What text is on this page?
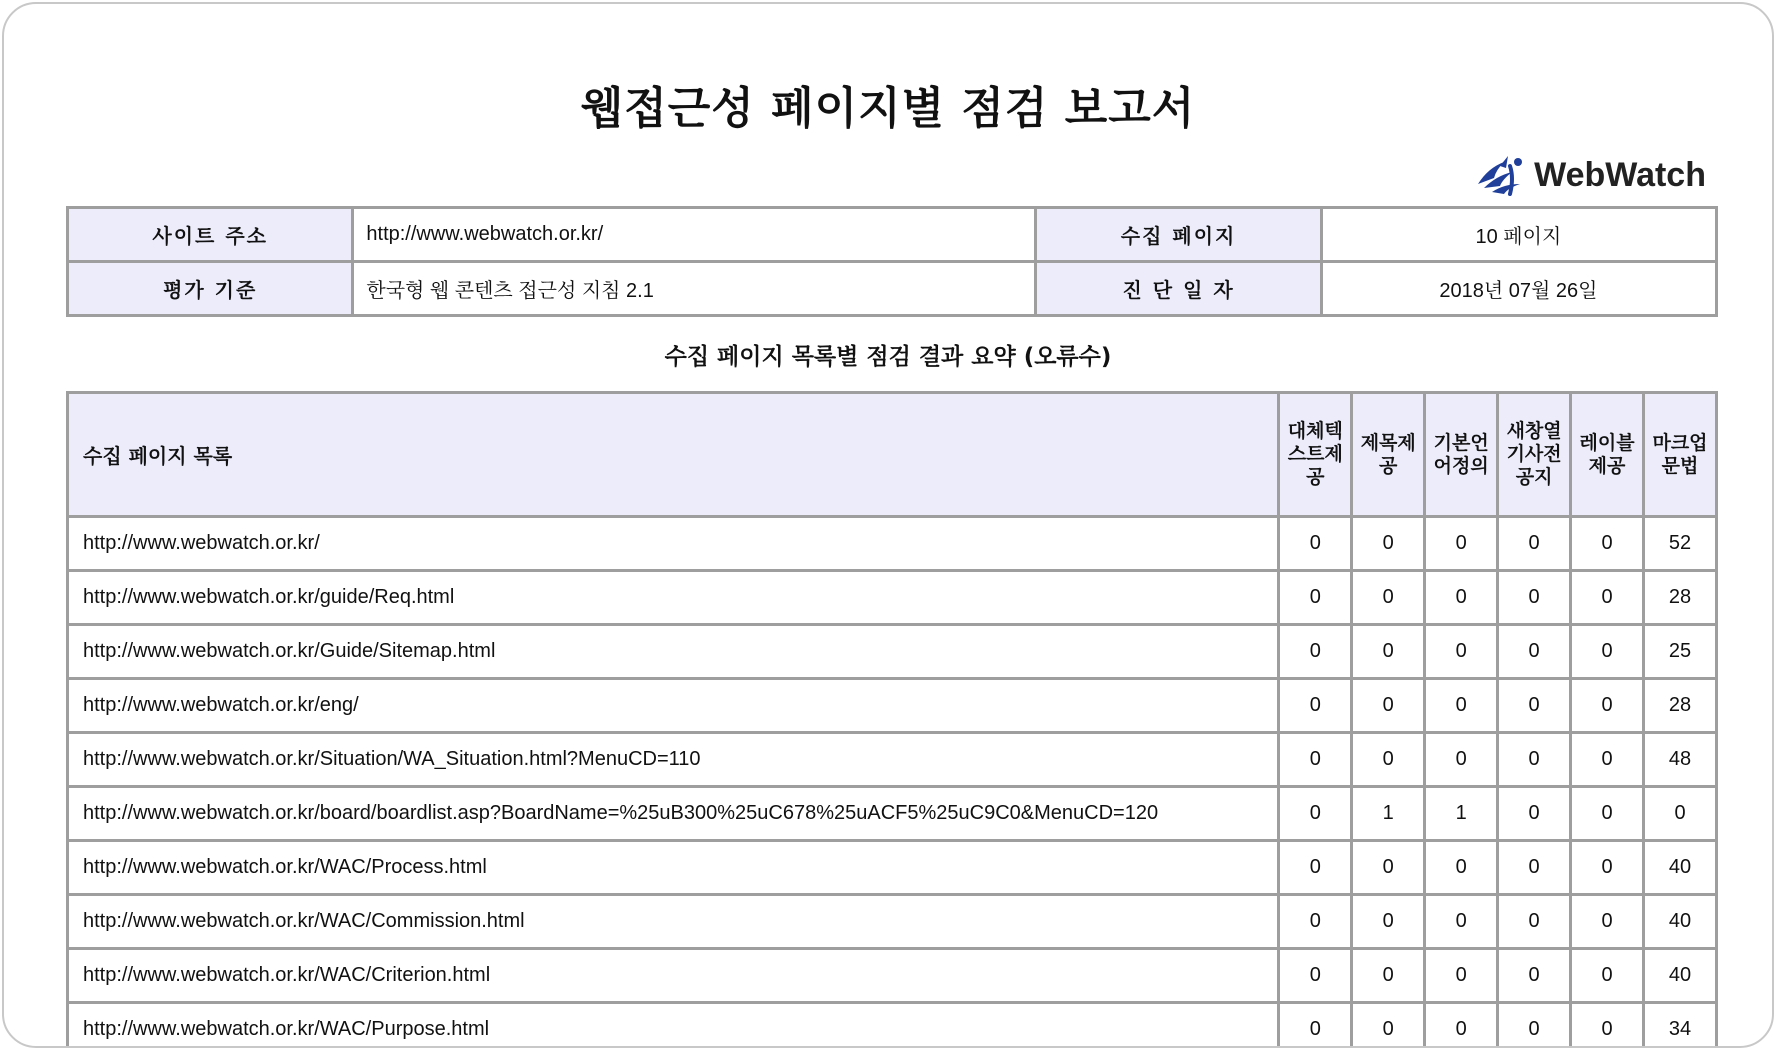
웹접근성 페이지별 점검 보고서
WebWatch
사이트 주소	http://www.webwatch.or.kr/	수집 페이지	10 페이지
평가 기준	한국형 웹 콘텐츠 접근성 지침 2.1	진 단 일 자	2018년 07월 26일
수집 페이지 목록별 점검 결과 요약 (오류수)
수집 페이지 목록	대체텍스트제공	제목제공	기본언어정의	새창열기사전공지	레이블제공	마크업문법
http://www.webwatch.or.kr/	0	0	0	0	0	52
http://www.webwatch.or.kr/guide/Req.html	0	0	0	0	0	28
http://www.webwatch.or.kr/Guide/Sitemap.html	0	0	0	0	0	25
http://www.webwatch.or.kr/eng/	0	0	0	0	0	28
http://www.webwatch.or.kr/Situation/WA_Situation.html?MenuCD=110	0	0	0	0	0	48
http://www.webwatch.or.kr/board/boardlist.asp?BoardName=%25uB300%25uC678%25uACF5%25uC9C0&MenuCD=120	0	1	1	0	0	0
http://www.webwatch.or.kr/WAC/Process.html	0	0	0	0	0	40
http://www.webwatch.or.kr/WAC/Commission.html	0	0	0	0	0	40
http://www.webwatch.or.kr/WAC/Criterion.html	0	0	0	0	0	40
http://www.webwatch.or.kr/WAC/Purpose.html	0	0	0	0	0	34
